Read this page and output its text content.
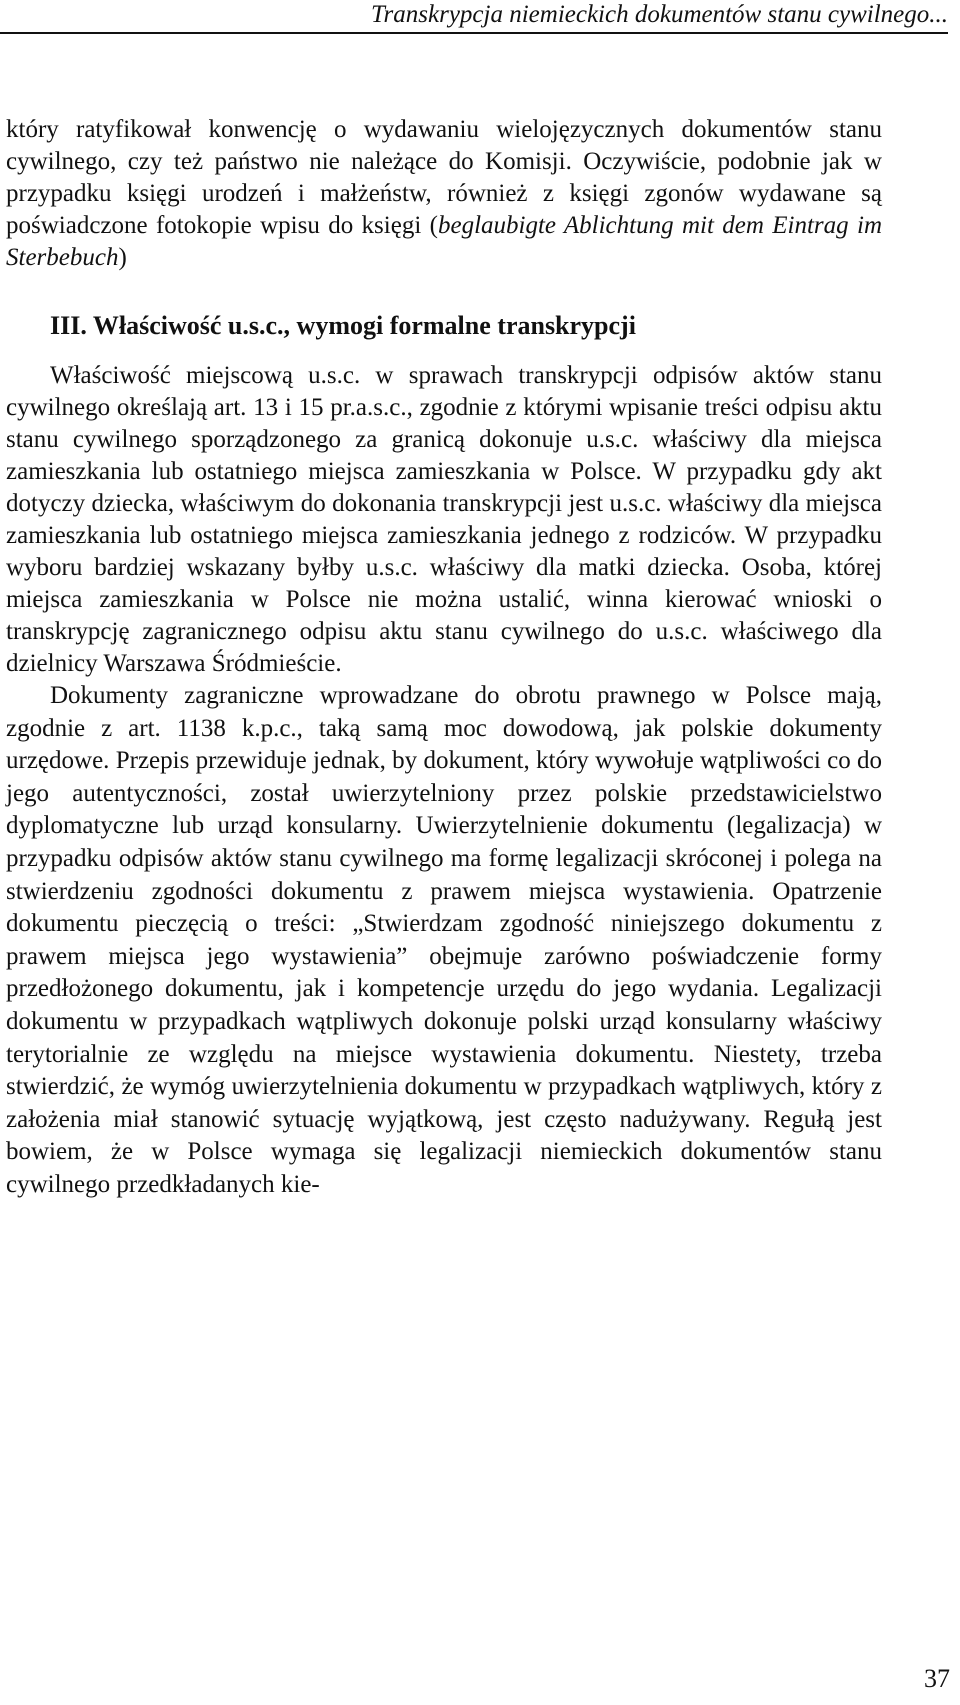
Transkrypcja niemieckich dokumentów stanu cywilnego...

który ratyfikował konwencję o wydawaniu wielojęzycznych dokumentów stanu cywilnego, czy też państwo nie należące do Komisji. Oczywiście, podobnie jak w przypadku księgi urodzeń i małżeństw, również z księgi zgonów wydawane są poświadczone fotokopie wpisu do księgi (beglaubigte Ablichtung mit dem Eintrag im Sterbebuch)

III. Właściwość u.s.c., wymogi formalne transkrypcji

Właściwość miejscową u.s.c. w sprawach transkrypcji odpisów aktów stanu cywilnego określają art. 13 i 15 pr.a.s.c., zgodnie z którymi wpisanie treści odpisu aktu stanu cywilnego sporządzonego za granicą dokonuje u.s.c. właściwy dla miejsca zamieszkania lub ostatniego miejsca zamieszkania w Polsce. W przypadku gdy akt dotyczy dziecka, właściwym do dokonania transkrypcji jest u.s.c. właściwy dla miejsca zamieszkania lub ostatniego miejsca zamieszkania jednego z rodziców. W przypadku wyboru bardziej wskazany byłby u.s.c. właściwy dla matki dziecka. Osoba, której miejsca zamieszkania w Polsce nie można ustalić, winna kierować wnioski o transkrypcję zagranicznego odpisu aktu stanu cywilnego do u.s.c. właściwego dla dzielnicy Warszawa Śródmieście.

Dokumenty zagraniczne wprowadzane do obrotu prawnego w Polsce mają, zgodnie z art. 1138 k.p.c., taką samą moc dowodową, jak polskie dokumenty urzędowe. Przepis przewiduje jednak, by dokument, który wywołuje wątpliwości co do jego autentyczności, został uwierzytelniony przez polskie przedstawicielstwo dyplomatyczne lub urząd konsularny. Uwierzytelnienie dokumentu (legalizacja) w przypadku odpisów aktów stanu cywilnego ma formę legalizacji skróconej i polega na stwierdzeniu zgodności dokumentu z prawem miejsca wystawienia. Opatrzenie dokumentu pieczęcią o treści: „Stwierdzam zgodność niniejszego dokumentu z prawem miejsca jego wystawienia” obejmuje zarówno poświadczenie formy przedłożonego dokumentu, jak i kompetencje urzędu do jego wydania. Legalizacji dokumentu w przypadkach wątpliwych dokonuje polski urząd konsularny właściwy terytorialnie ze względu na miejsce wystawienia dokumentu. Niestety, trzeba stwierdzić, że wymóg uwierzytelnienia dokumentu w przypadkach wątpliwych, który z założenia miał stanowić sytuację wyjątkową, jest często nadużywany. Regułą jest bowiem, że w Polsce wymaga się legalizacji niemieckich dokumentów stanu cywilnego przedkładanych kie-

37
